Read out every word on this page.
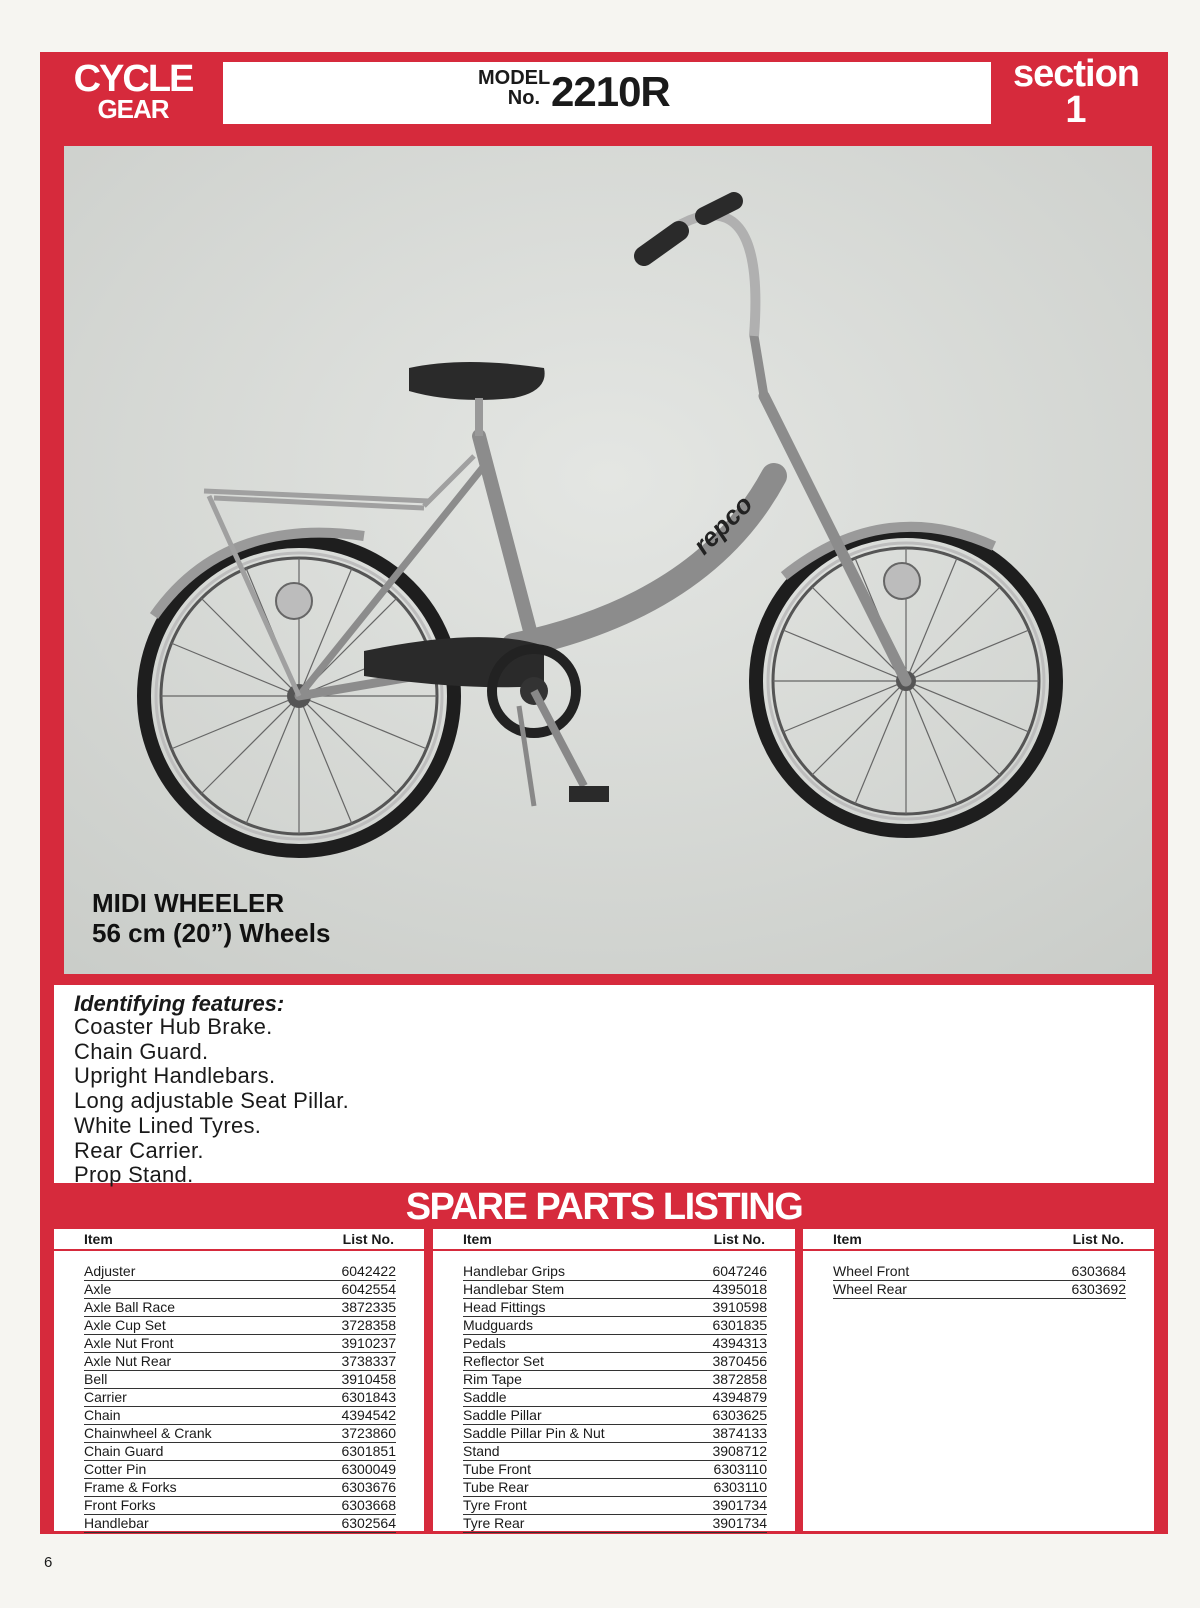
CYCLE
GEAR
MODEL
No. 2210R	section
1
repco
MIDI WHEELER
56 cm (20”) Wheels
Identifying features:
Coaster Hub Brake.
Chain Guard.
Upright Handlebars.
Long adjustable Seat Pillar.
White Lined Tyres.
Rear Carrier.
Prop Stand.
SPARE PARTS LISTING
Item	List No.
Adjuster	6042422
Axle	6042554
Axle Ball Race	3872335
Axle Cup Set	3728358
Axle Nut Front	3910237
Axle Nut Rear	3738337
Bell	3910458
Carrier	6301843
Chain	4394542
Chainwheel & Crank	3723860
Chain Guard	6301851
Cotter Pin	6300049
Frame & Forks	6303676
Front Forks	6303668
Handlebar	6302564
Item	List No.
Handlebar Grips	6047246
Handlebar Stem	4395018
Head Fittings	3910598
Mudguards	6301835
Pedals	4394313
Reflector Set	3870456
Rim Tape	3872858
Saddle	4394879
Saddle Pillar	6303625
Saddle Pillar Pin & Nut	3874133
Stand	3908712
Tube Front	6303110
Tube Rear	6303110
Tyre Front	3901734
Tyre Rear	3901734
Item	List No.
Wheel Front	6303684
Wheel Rear	6303692
6
